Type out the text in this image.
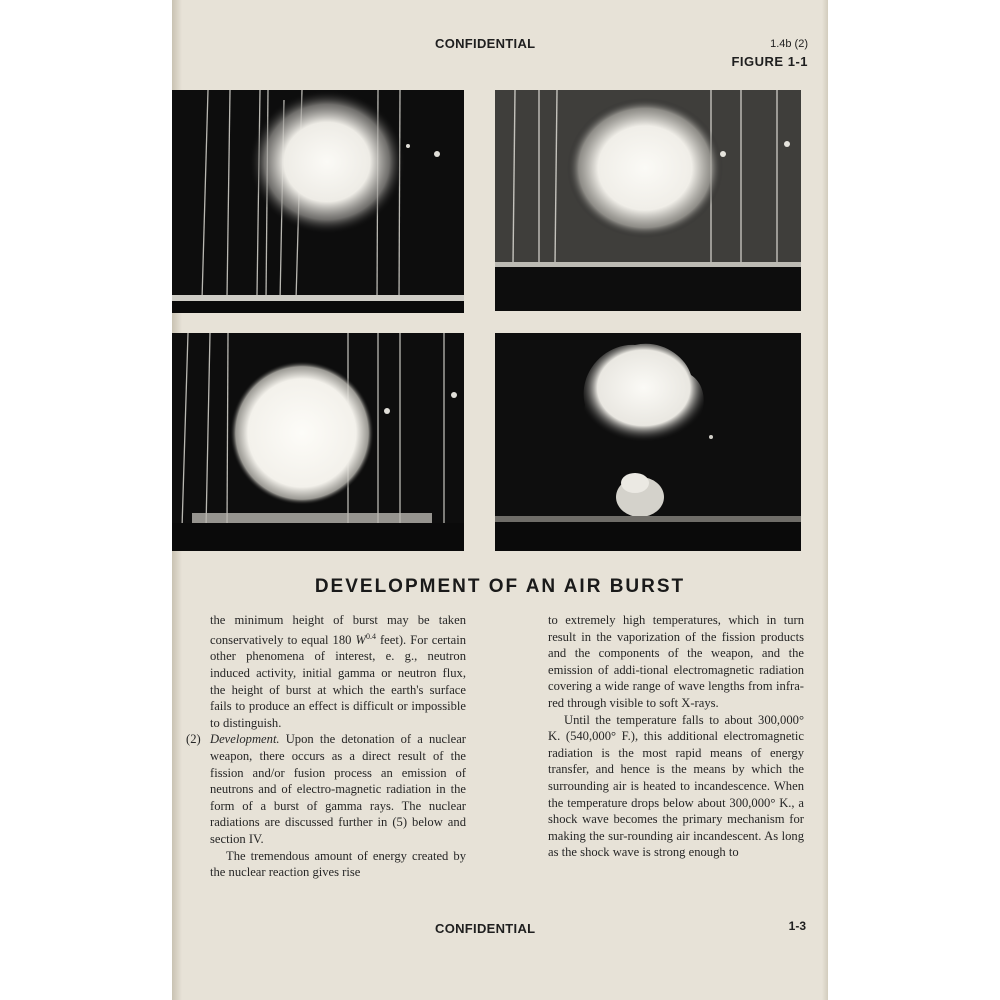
CONFIDENTIAL	1.4b (2)
FIGURE 1-1
DEVELOPMENT OF AN AIR BURST

the minimum height of burst may be taken conservatively to equal 180 $W^{0.4}$ feet). For certain other phenomena of interest, e. g., neutron induced activity, initial gamma or neutron flux, the height of burst at which the earth's surface fails to produce an effect is difficult or impossible to distinguish.

(2) Development. Upon the detonation of a nuclear weapon, there occurs as a direct result of the fission and/or fusion process an emission of neutrons and of electro-magnetic radiation in the form of a burst of gamma rays. The nuclear radiations are discussed further in (5) below and section IV.

The tremendous amount of energy created by the nuclear reaction gives rise

to extremely high temperatures, which in turn result in the vaporization of the fission products and the components of the weapon, and the emission of addi-tional electromagnetic radiation covering a wide range of wave lengths from infra-red through visible to soft X-rays.

Until the temperature falls to about 300,000° K. (540,000° F.), this additional electromagnetic radiation is the most rapid means of energy transfer, and hence is the means by which the surrounding air is heated to incandescence. When the temperature drops below about 300,000° K., a shock wave becomes the primary mechanism for making the sur-rounding air incandescent. As long as the shock wave is strong enough to

CONFIDENTIAL	1-3
